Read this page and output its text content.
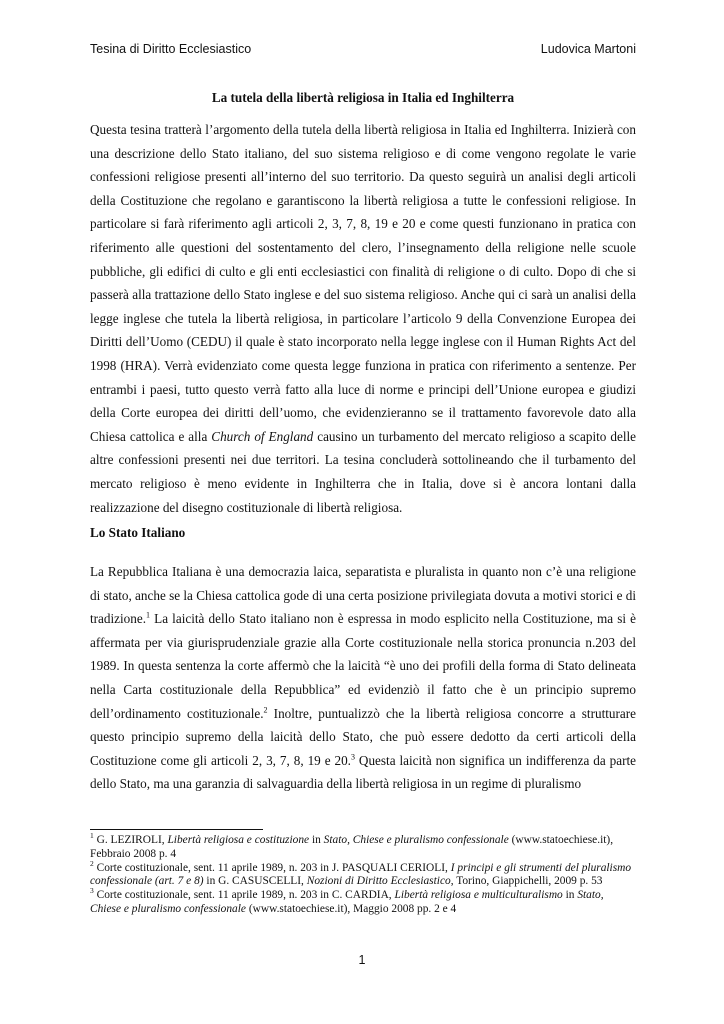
Tesina di Diritto Ecclesiastico	Ludovica Martoni
La tutela della libertà religiosa in Italia ed Inghilterra

Questa tesina tratterà l’argomento della tutela della libertà religiosa in Italia ed Inghilterra. Inizierà con una descrizione dello Stato italiano, del suo sistema religioso e di come vengono regolate le varie confessioni religiose presenti all’interno del suo territorio. Da questo seguirà un analisi degli articoli della Costituzione che regolano e garantiscono la libertà religiosa a tutte le confessioni religiose. In particolare si farà riferimento agli articoli 2, 3, 7, 8, 19 e 20 e come questi funzionano in pratica con riferimento alle questioni del sostentamento del clero, l’insegnamento della religione nelle scuole pubbliche, gli edifici di culto e gli enti ecclesiastici con finalità di religione o di culto. Dopo di che si passerà alla trattazione dello Stato inglese e del suo sistema religioso. Anche qui ci sarà un analisi della legge inglese che tutela la libertà religiosa, in particolare l’articolo 9 della Convenzione Europea dei Diritti dell’Uomo (CEDU) il quale è stato incorporato nella legge inglese con il Human Rights Act del 1998 (HRA). Verrà evidenziato come questa legge funziona in pratica con riferimento a sentenze. Per entrambi i paesi, tutto questo verrà fatto alla luce di norme e principi dell’Unione europea e giudizi della Corte europea dei diritti dell’uomo, che evidenzieranno se il trattamento favorevole dato alla Chiesa cattolica e alla Church of England causino un turbamento del mercato religioso a scapito delle altre confessioni presenti nei due territori. La tesina concluderà sottolineando che il turbamento del mercato religioso è meno evidente in Inghilterra che in Italia, dove si è ancora lontani dalla realizzazione del disegno costituzionale di libertà religiosa.

Lo Stato Italiano

La Repubblica Italiana è una democrazia laica, separatista e pluralista in quanto non c’è una religione di stato, anche se la Chiesa cattolica gode di una certa posizione privilegiata dovuta a motivi storici e di tradizione.$^1$ La laicità dello Stato italiano non è espressa in modo esplicito nella Costituzione, ma si è affermata per via giurisprudenziale grazie alla Corte costituzionale nella storica pronuncia n.203 del 1989. In questa sentenza la corte affermò che la laicità “è uno dei profili della forma di Stato delineata nella Carta costituzionale della Repubblica” ed evidenziò il fatto che è un principio supremo dell’ordinamento costituzionale.$^2$ Inoltre, puntualizzò che la libertà religiosa concorre a strutturare questo principio supremo della laicità dello Stato, che può essere dedotto da certi articoli della Costituzione come gli articoli 2, 3, 7, 8, 19 e 20.$^3$ Questa laicità non significa un indifferenza da parte dello Stato, ma una garanzia di salvaguardia della libertà religiosa in un regime di pluralismo

$^1$ G. LEZIROLI, Libertà religiosa e costituzione in Stato, Chiese e pluralismo confessionale (www.statoechiese.it), Febbraio 2008 p. 4

$^2$ Corte costituzionale, sent. 11 aprile 1989, n. 203 in J. PASQUALI CERIOLI, I principi e gli strumenti del pluralismo confessionale (art. 7 e 8) in G. CASUSCELLI, Nozioni di Diritto Ecclesiastico, Torino, Giappichelli, 2009 p. 53

$^3$ Corte costituzionale, sent. 11 aprile 1989, n. 203 in C. CARDIA, Libertà religiosa e multiculturalismo in Stato, Chiese e pluralismo confessionale (www.statoechiese.it), Maggio 2008 pp. 2 e 4

1
